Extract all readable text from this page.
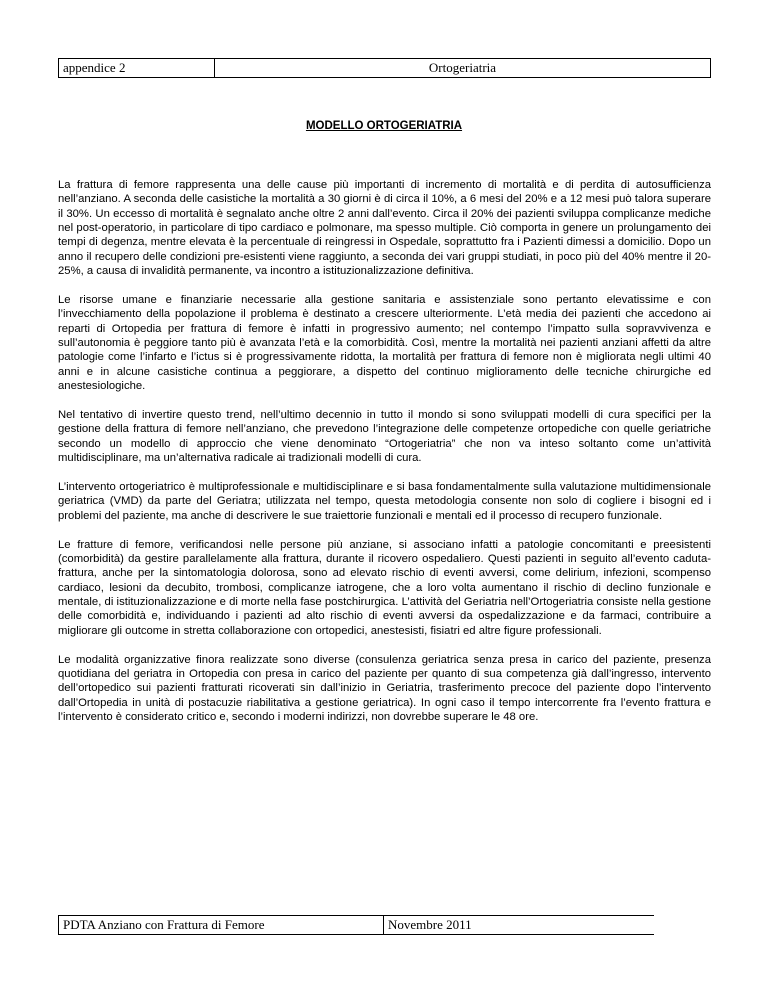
appendice 2	Ortogeriatria
MODELLO ORTOGERIATRIA

La frattura di femore rappresenta una delle cause più importanti di incremento di mortalità e di perdita di autosufficienza nell’anziano. A seconda delle casistiche la mortalità a 30 giorni è di circa il 10%, a 6 mesi del 20% e a 12 mesi può talora superare il 30%. Un eccesso di mortalità è segnalato anche oltre 2 anni dall’evento. Circa il 20% dei pazienti sviluppa complicanze mediche nel post-operatorio, in particolare di tipo cardiaco e polmonare, ma spesso multiple. Ciò comporta in genere un prolungamento dei tempi di degenza, mentre elevata è la percentuale di reingressi in Ospedale, soprattutto fra i Pazienti dimessi a domicilio. Dopo un anno il recupero delle condizioni pre-esistenti viene raggiunto, a seconda dei vari gruppi studiati, in poco più del 40% mentre il 20-25%, a causa di invalidità permanente, va incontro a istituzionalizzazione definitiva.

Le risorse umane e finanziarie necessarie alla gestione sanitaria e assistenziale sono pertanto elevatissime e con l’invecchiamento della popolazione il problema è destinato a crescere ulteriormente. L’età media dei pazienti che accedono ai reparti di Ortopedia per frattura di femore è infatti in progressivo aumento; nel contempo l’impatto sulla sopravvivenza e sull’autonomia è peggiore tanto più è avanzata l’età e la comorbidità. Così, mentre la mortalità nei pazienti anziani affetti da altre patologie come l’infarto e l’ictus si è progressivamente ridotta, la mortalità per frattura di femore non è migliorata negli ultimi 40 anni e in alcune casistiche continua a peggiorare, a dispetto del continuo miglioramento delle tecniche chirurgiche ed anestesiologiche.

Nel tentativo di invertire questo trend, nell’ultimo decennio in tutto il mondo si sono sviluppati modelli di cura specifici per la gestione della frattura di femore nell’anziano, che prevedono l’integrazione delle competenze ortopediche con quelle geriatriche secondo un modello di approccio che viene denominato “Ortogeriatria” che non va inteso soltanto come un’attività multidisciplinare, ma un’alternativa radicale ai tradizionali modelli di cura.

L’intervento ortogeriatrico è multiprofessionale e multidisciplinare e si basa fondamentalmente sulla valutazione multidimensionale geriatrica (VMD) da parte del Geriatra; utilizzata nel tempo, questa metodologia consente non solo di cogliere i bisogni ed i problemi del paziente, ma anche di descrivere le sue traiettorie funzionali e mentali ed il processo di recupero funzionale.

Le fratture di femore, verificandosi nelle persone più anziane, si associano infatti a patologie concomitanti e preesistenti (comorbidità) da gestire parallelamente alla frattura, durante il ricovero ospedaliero. Questi pazienti in seguito all’evento caduta-frattura, anche per la sintomatologia dolorosa, sono ad elevato rischio di eventi avversi, come delirium, infezioni, scompenso cardiaco, lesioni da decubito, trombosi, complicanze iatrogene, che a loro volta aumentano il rischio di declino funzionale e mentale, di istituzionalizzazione e di morte nella fase postchirurgica. L’attività del Geriatria nell’Ortogeriatria consiste nella gestione delle comorbidità e, individuando i pazienti ad alto rischio di eventi avversi da ospedalizzazione e da farmaci, contribuire a migliorare gli outcome in stretta collaborazione con ortopedici, anestesisti, fisiatri ed altre figure professionali.

Le modalità organizzative finora realizzate sono diverse (consulenza geriatrica senza presa in carico del paziente, presenza quotidiana del geriatra in Ortopedia con presa in carico del paziente per quanto di sua competenza già dall’ingresso, intervento dell’ortopedico sui pazienti fratturati ricoverati sin dall’inizio in Geriatria, trasferimento precoce del paziente dopo l’intervento dall’Ortopedia in unità di postacuzie riabilitativa a gestione geriatrica). In ogni caso il tempo intercorrente fra l’evento frattura e l’intervento è considerato critico e, secondo i moderni indirizzi, non dovrebbe superare le 48 ore.

PDTA Anziano con Frattura di Femore	Novembre 2011	
